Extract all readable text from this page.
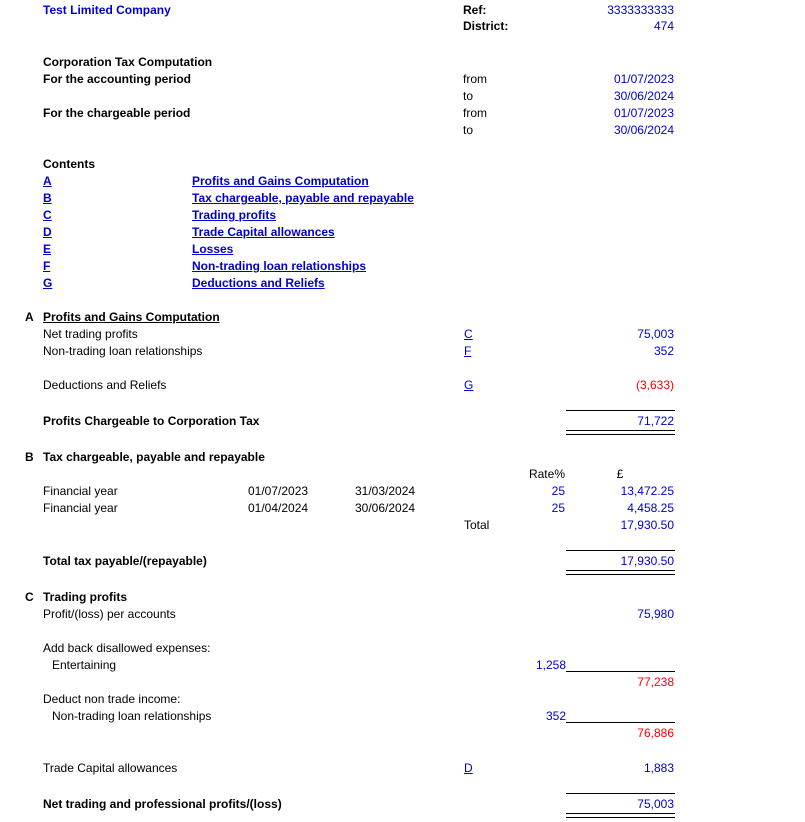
Test Limited Company	Ref:	3333333333
District:	474
Corporation Tax Computation
For the accounting period	from	01/07/2023
to	30/06/2024
For the chargeable period	from	01/07/2023
to	30/06/2024
Contents
A	Profits and Gains Computation
B	Tax chargeable, payable and repayable
C	Trading profits
D	Trade Capital allowances
E	Losses
F	Non-trading loan relationships
G	Deductions and Reliefs
A Profits and Gains Computation
Net trading profits	C	75,003
Non-trading loan relationships	F	352
Deductions and Reliefs	G	(3,633)
Profits Chargeable to Corporation Tax	71,722
B Tax chargeable, payable and repayable
Rate%	£
Financial year	01/07/2023	31/03/2024	25	13,472.25
Financial year	01/04/2024	30/06/2024	25	4,458.25
Total	17,930.50
Total tax payable/(repayable)	17,930.50
C Trading profits
Profit/(loss) per accounts	75,980
Add back disallowed expenses:
Entertaining	1,258
77,238
Deduct non trade income:
Non-trading loan relationships	352
76,886
Trade Capital allowances	D	1,883
Net trading and professional profits/(loss)	75,003
